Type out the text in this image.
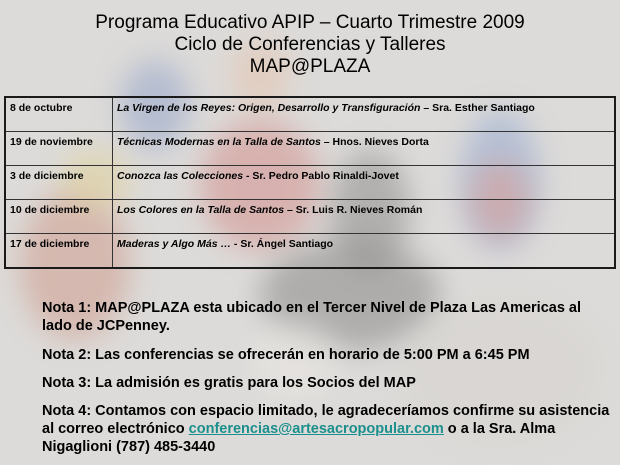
Programa Educativo APIP – Cuarto Trimestre 2009
Ciclo de Conferencias y Talleres
MAP@PLAZA
8 de octubre	La Virgen de los Reyes: Origen, Desarrollo y Transfiguración – Sra. Esther Santiago
19 de noviembre	Técnicas Modernas en la Talla de Santos – Hnos. Nieves Dorta
3 de diciembre	Conozca las Colecciones - Sr. Pedro Pablo Rinaldi-Jovet
10 de diciembre	Los Colores en la Talla de Santos – Sr. Luis R. Nieves Román
17 de diciembre	Maderas y Algo Más … - Sr. Ángel Santiago
Nota 1: MAP@PLAZA esta ubicado en el Tercer Nivel de Plaza Las Americas al lado de JCPenney.
Nota 2: Las conferencias se ofrecerán en horario de 5:00 PM a 6:45 PM
Nota 3: La admisión es gratis para los Socios del MAP
Nota 4: Contamos con espacio limitado, le agradeceríamos confirme su asistencia al correo electrónico conferencias@artesacropopular.com o a la Sra. Alma Nigaglioni (787) 485-3440
